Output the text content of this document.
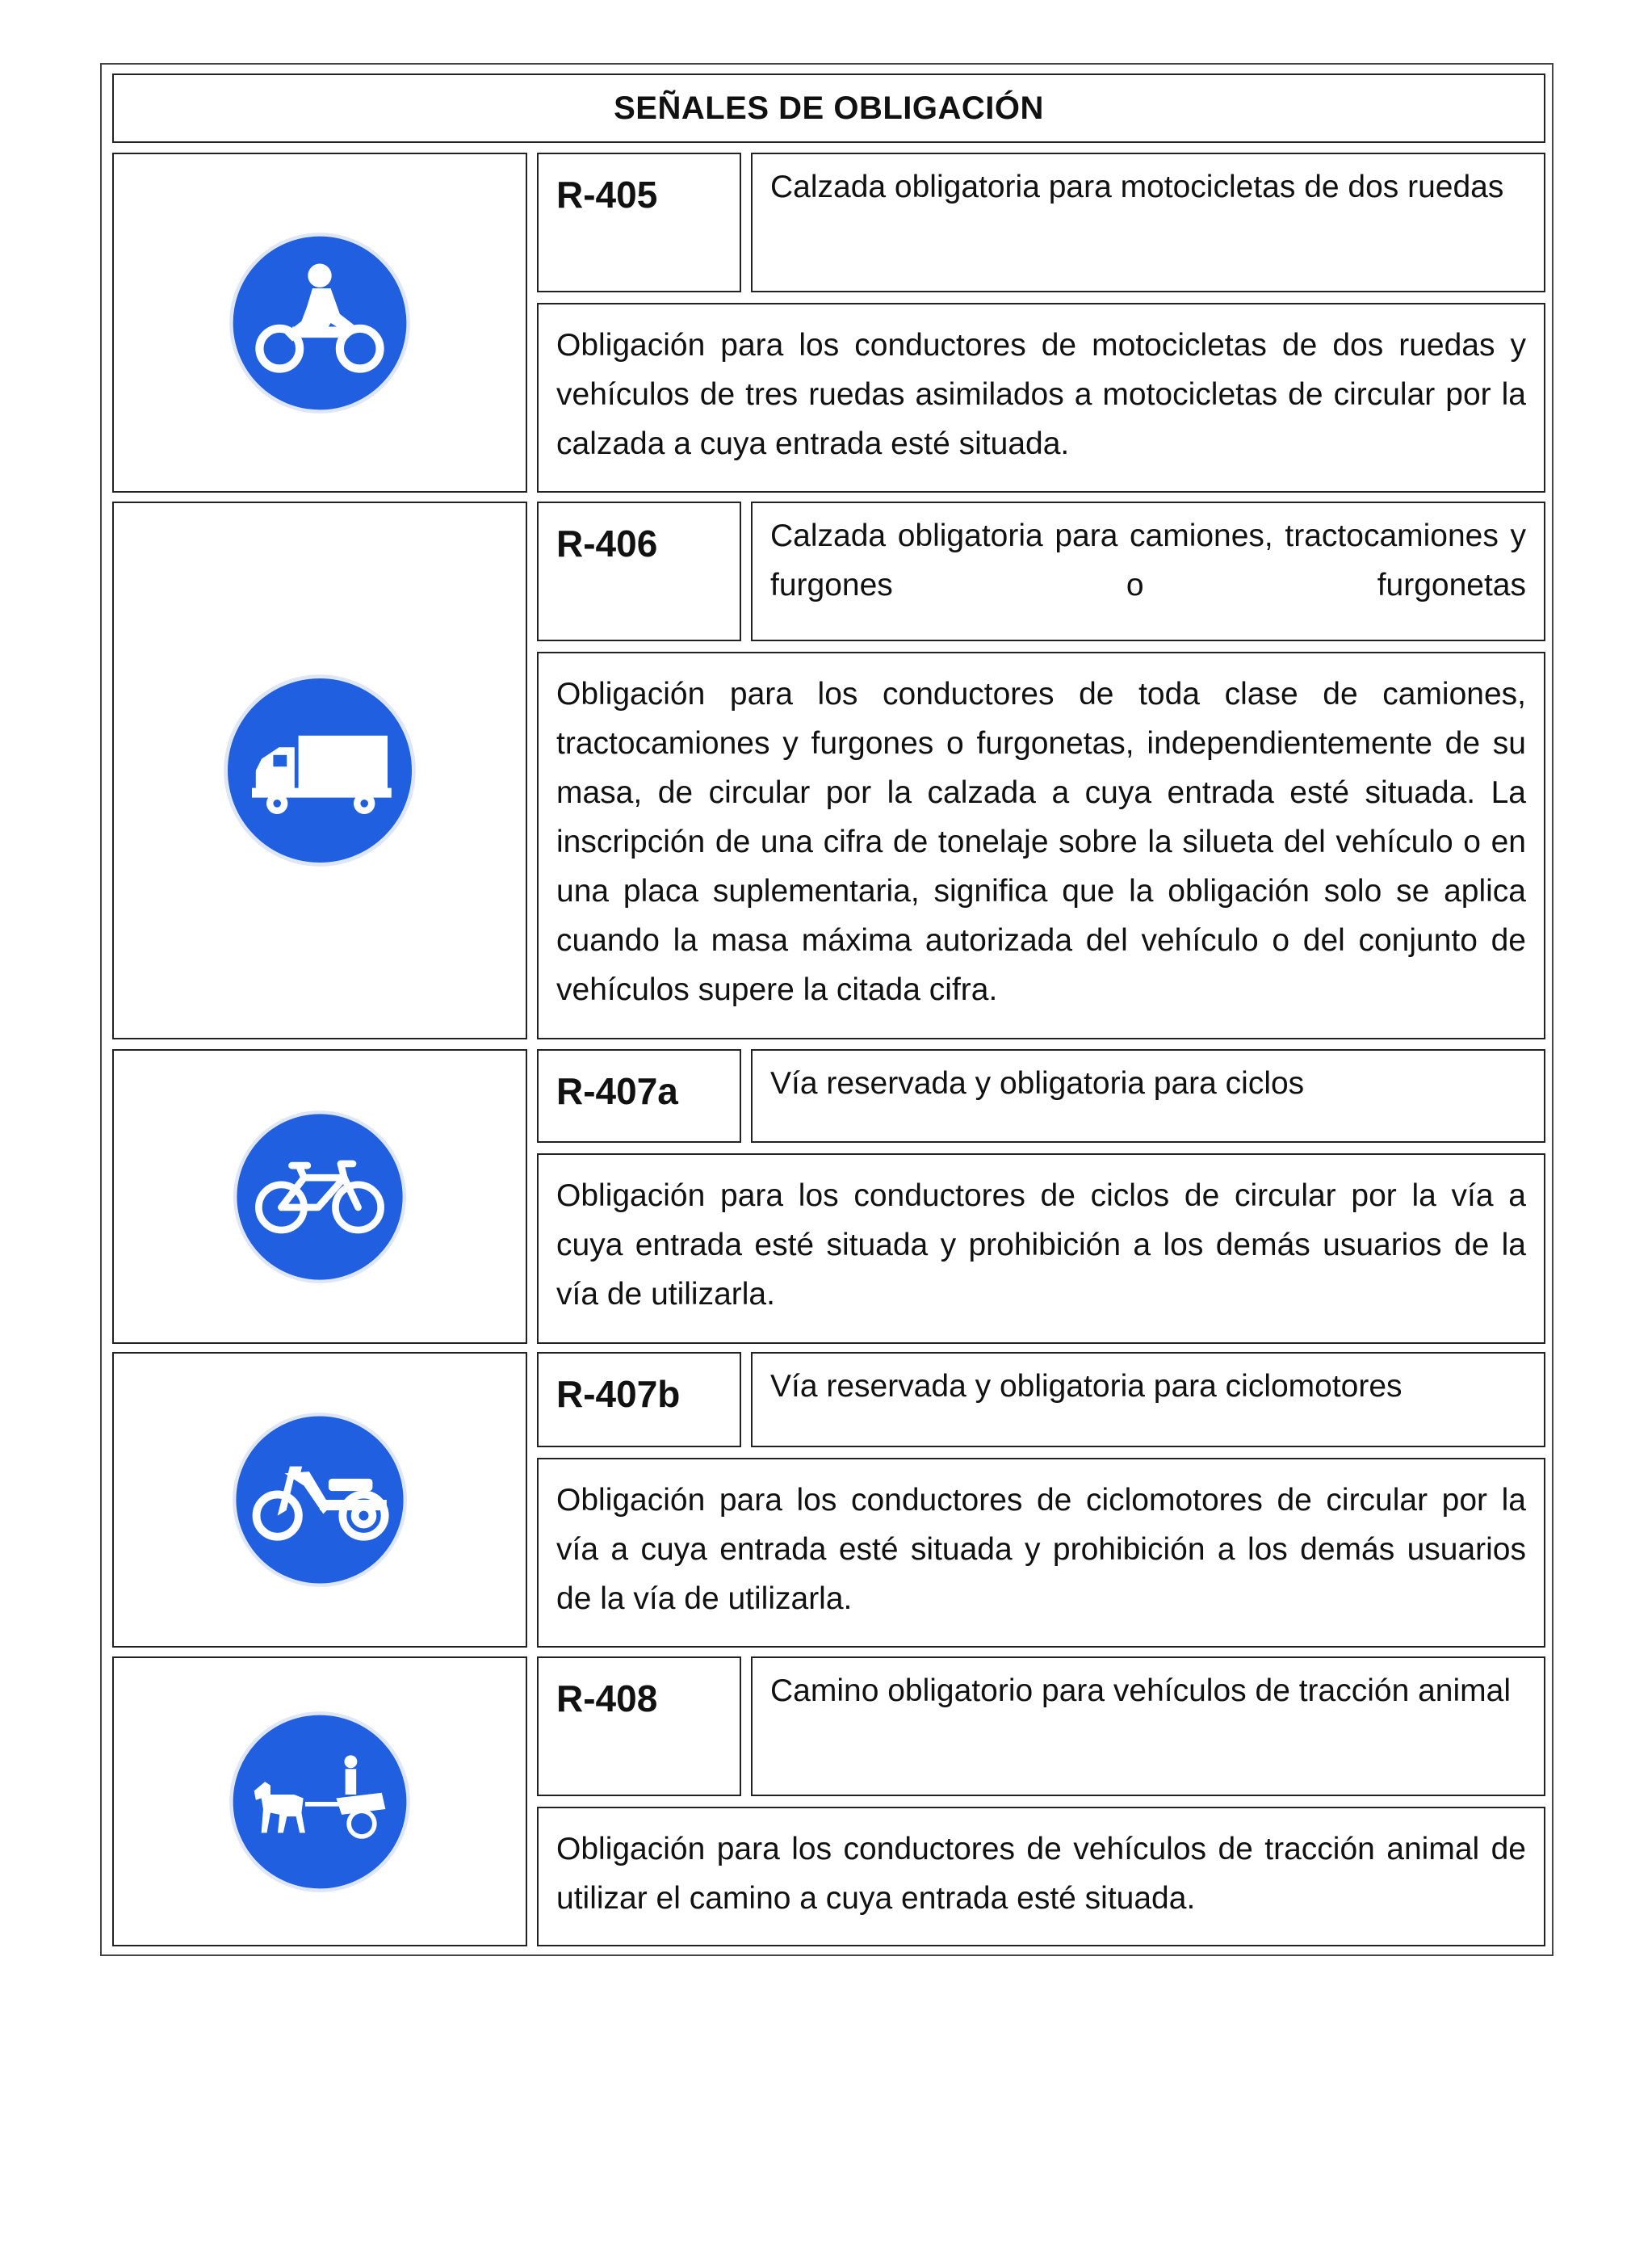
SEÑALES DE OBLIGACIÓN
R-405	Calzada obligatoria para motocicletas de dos ruedas
Obligación para los conductores de motocicletas de dos ruedas y vehículos de tres ruedas asimilados a motocicletas de circular por la calzada a cuya entrada esté situada.
R-406	Calzada obligatoria para camiones, tractocamiones y furgones o furgonetas
Obligación para los conductores de toda clase de camiones, tractocamiones y furgones o furgonetas, independientemente de su masa, de circular por la calzada a cuya entrada esté situada. La inscripción de una cifra de tonelaje sobre la silueta del vehículo o en una placa suplementaria, significa que la obligación solo se aplica cuando la masa máxima autorizada del vehículo o del conjunto de vehículos supere la citada cifra.
R-407a	Vía reservada y obligatoria para ciclos
Obligación para los conductores de ciclos de circular por la vía a cuya entrada esté situada y prohibición a los demás usuarios de la vía de utilizarla.
R-407b	Vía reservada y obligatoria para ciclomotores
Obligación para los conductores de ciclomotores de circular por la vía a cuya entrada esté situada y prohibición a los demás usuarios de la vía de utilizarla.
R-408	Camino obligatorio para vehículos de tracción animal
Obligación para los conductores de vehículos de tracción animal de utilizar el camino a cuya entrada esté situada.
